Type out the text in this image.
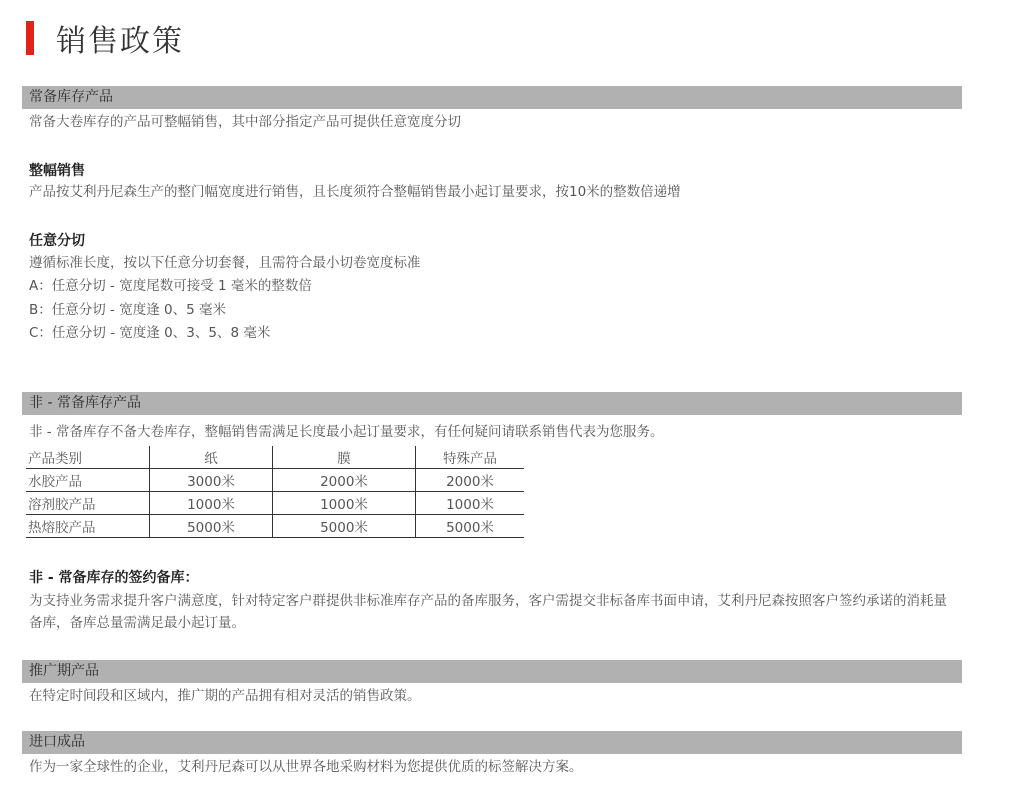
销售政策
常备库存产品
常备大卷库存的产品可整幅销售，其中部分指定产品可提供任意宽度分切
整幅销售
产品按艾利丹尼森生产的整门幅宽度进行销售，且长度须符合整幅销售最小起订量要求，按10米的整数倍递增
任意分切
遵循标准长度，按以下任意分切套餐，且需符合最小切卷宽度标准
A：任意分切 - 宽度尾数可接受 1 毫米的整数倍
B：任意分切 - 宽度逢 0、5 毫米
C：任意分切 - 宽度逢 0、3、5、8 毫米
非 - 常备库存产品
非 - 常备库存不备大卷库存，整幅销售需满足长度最小起订量要求，有任何疑问请联系销售代表为您服务。
产品类别	纸	膜	特殊产品
水胶产品	3000米	2000米	2000米
溶剂胶产品	1000米	1000米	1000米
热熔胶产品	5000米	5000米	5000米
非 - 常备库存的签约备库：
为支持业务需求提升客户满意度，针对特定客户群提供非标准库存产品的备库服务，客户需提交非标备库书面申请，艾利丹尼森按照客户签约承诺的消耗量备库，备库总量需满足最小起订量。
推广期产品
在特定时间段和区域内，推广期的产品拥有相对灵活的销售政策。
进口成品
作为一家全球性的企业，艾利丹尼森可以从世界各地采购材料为您提供优质的标签解决方案。
